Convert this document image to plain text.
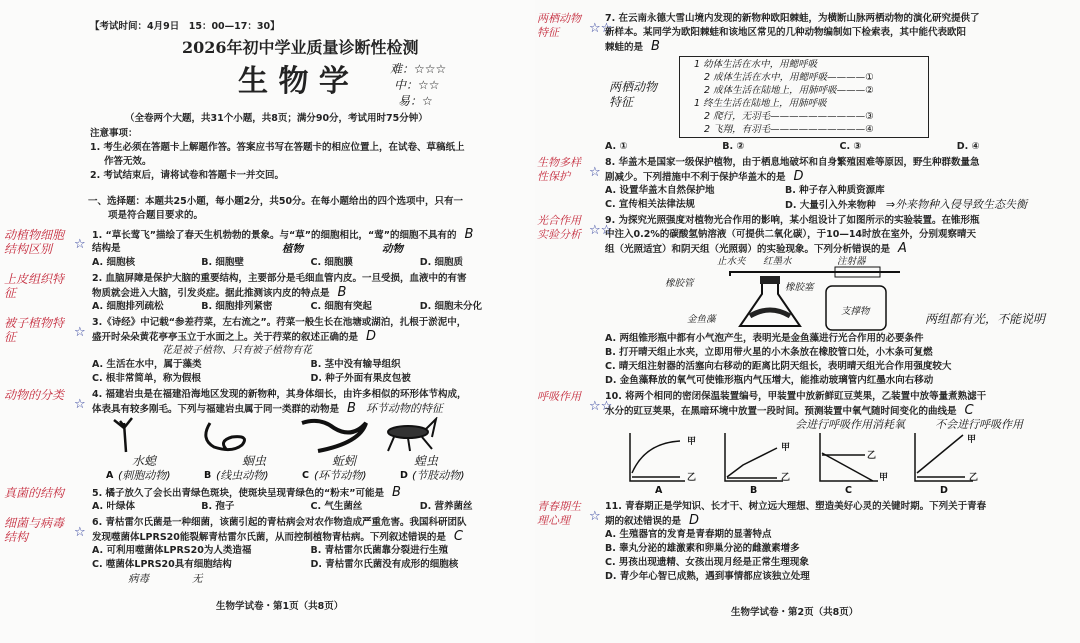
【考试时间：4月9日　15：00—17：30】
2026年初中学业质量诊断性检测
生 物 学	难：☆☆☆
中：☆☆
易：☆
（全卷两个大题，共31个小题，共8页；满分90分，考试用时75分钟）
注意事项：
1. 考生必须在答题卡上解题作答。答案应书写在答题卡的相应位置上，在试卷、草稿纸上
作答无效。
2. 考试结束后，请将试卷和答题卡一并交回。
一、选择题：本题共25小题，每小题2分，共50分。在每小题给出的四个选项中，只有一
项是符合题目要求的。
动植物细胞结构区别	☆
1. “草长莺飞”描绘了春天生机勃勃的景象。与“草”的细胞相比，“莺”的细胞不具有的 B
结构是	植物	动物
A. 细胞核	B. 细胞壁	C. 细胞膜	D. 细胞质
上皮组织特征
2. 血脑屏障是保护大脑的重要结构，主要部分是毛细血管内皮。一旦受损，血液中的有害
物质就会进入大脑，引发炎症。据此推测该内皮的特点是 B
A. 细胞排列疏松	B. 细胞排列紧密	C. 细胞有突起	D. 细胞未分化
被子植物特征	☆
3.《诗经》中记载“参差荇菜，左右流之”。荇菜一般生长在池塘或湖泊，扎根于淤泥中，
盛开时朵朵黄花亭亭玉立于水面之上。关于荇菜的叙述正确的是 D
花是被子植物、只有被子植物有花
A. 生活在水中，属于藻类	B. 茎中没有输导组织
C. 根非常简单，称为假根	D. 种子外面有果皮包被
动物的分类
☆
4. 福建岩虫是在福建沿海地区发现的新物种，其身体细长，由许多相似的环形体节构成，
体表具有较多刚毛。下列与福建岩虫属于同一类群的动物是 B 环节动物的特征
水螅	蛔虫	蚯蚓	蝗虫
A (刺胞动物)	B (线虫动物)	C (环节动物)	D (节肢动物)
真菌的结构	5. 橘子放久了会长出青绿色斑块，使斑块呈现青绿色的“粉末”可能是 B
A. 叶绿体	B. 孢子	C. 气生菌丝	D. 营养菌丝
细菌与病毒结构	☆
6. 青枯雷尔氏菌是一种细菌，该菌引起的青枯病会对农作物造成严重危害。我国科研团队
发现噬菌体LPRS20能裂解青枯雷尔氏菌，从而控制植物青枯病。下列叙述错误的是 C
A. 可利用噬菌体LPRS20为人类造福	B. 青枯雷尔氏菌靠分裂进行生殖
C. 噬菌体LPRS20具有细胞结构	D. 青枯雷尔氏菌没有成形的细胞核
病毒	无
生物学试卷・第1页（共8页）
两栖动物特征	☆☆
7. 在云南永德大雪山境内发现的新物种欧阳棘蛙，为横断山脉两栖动物的演化研究提供了
新样本。某同学为欧阳棘蛙和该地区常见的几种动物编制如下检索表，其中能代表欧阳
棘蛙的是 B
两栖动物特征
1 幼体生活在水中，用鳃呼吸
2 成体生活在水中，用鳃呼吸————①
2 成体生活在陆地上，用肺呼吸———②
1 终生生活在陆地上，用肺呼吸
2 爬行，无羽毛——————————③
2 飞翔，有羽毛——————————④
A. ①	B. ②	C. ③	D. ④
生物多样性保护	☆
8. 华盖木是国家一级保护植物，由于栖息地破坏和自身繁殖困难等原因，野生种群数量急
剧减少。下列措施中不利于保护华盖木的是 D
A. 设置华盖木自然保护地	B. 种子存入种质资源库
C. 宣传相关法律法规	D. 大量引入外来物种 ⇒外来物种入侵导致生态失衡
光合作用实验分析 ☆☆
9. 为探究光照强度对植物光合作用的影响，某小组设计了如图所示的实验装置。在锥形瓶
中注入0.2%的碳酸氢钠溶液（可提供二氧化碳），于10—14时放在室外，分别观察晴天
组（光照适宜）和阴天组（光照弱）的实验现象。下列分析错误的是 A
止水夹 红墨水	注射器
橡胶管	橡胶塞
金鱼藻
支撑物
两组都有光，不能说明
A. 两组锥形瓶中都有小气泡产生，表明光是金鱼藻进行光合作用的必要条件
B. 打开晴天组止水夹，立即用带火星的小木条放在橡胶管口处，小木条可复燃
C. 晴天组注射器的活塞向右移动的距离比阴天组长，表明晴天组光合作用强度较大
D. 金鱼藻释放的氧气可使锥形瓶内气压增大，能推动玻璃管内红墨水向右移动
呼吸作用
☆☆
10. 将两个相同的密闭保温装置编号，甲装置中放新鲜豇豆荚果，乙装置中放等量煮熟滤干
水分的豇豆荚果，在黑暗环境中放置一段时间。预测装置中氧气随时间变化的曲线是 C
会进行呼吸作用消耗氧	不会进行呼吸作用
甲
乙
甲
乙
乙
甲
甲
乙
A	B	C	D
青春期生理心理	☆
11. 青春期正是学知识、长才干、树立远大理想、塑造美好心灵的关键时期。下列关于青春
期的叙述错误的是 D
A. 生殖器官的发育是青春期的显著特点
B. 睾丸分泌的雄激素和卵巢分泌的雌激素增多
C. 男孩出现遗精、女孩出现月经是正常生理现象
D. 青少年心智已成熟，遇到事情都应该独立处理
生物学试卷・第2页（共8页）
